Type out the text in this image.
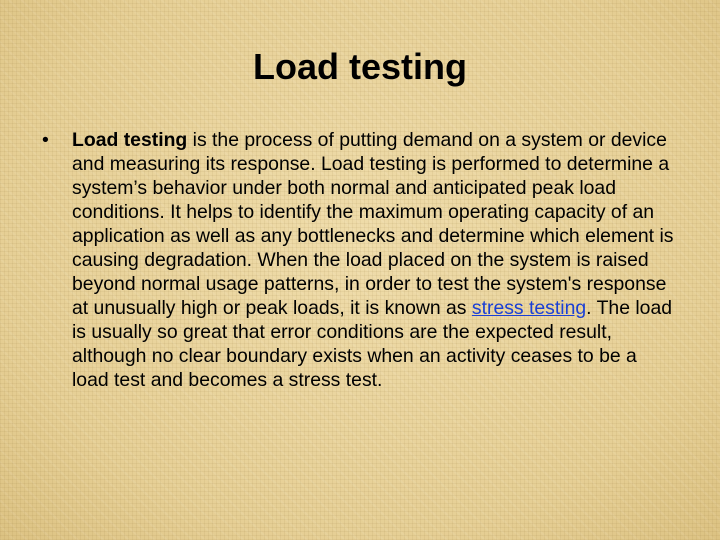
Load testing
•	Load testing is the process of putting demand on a system or device and measuring its response. Load testing is performed to determine a system’s behavior under both normal and anticipated peak load conditions. It helps to identify the maximum operating capacity of an application as well as any bottlenecks and determine which element is causing degradation. When the load placed on the system is raised beyond normal usage patterns, in order to test the system's response at unusually high or peak loads, it is known as stress testing. The load is usually so great that error conditions are the expected result, although no clear boundary exists when an activity ceases to be a load test and becomes a stress test.
